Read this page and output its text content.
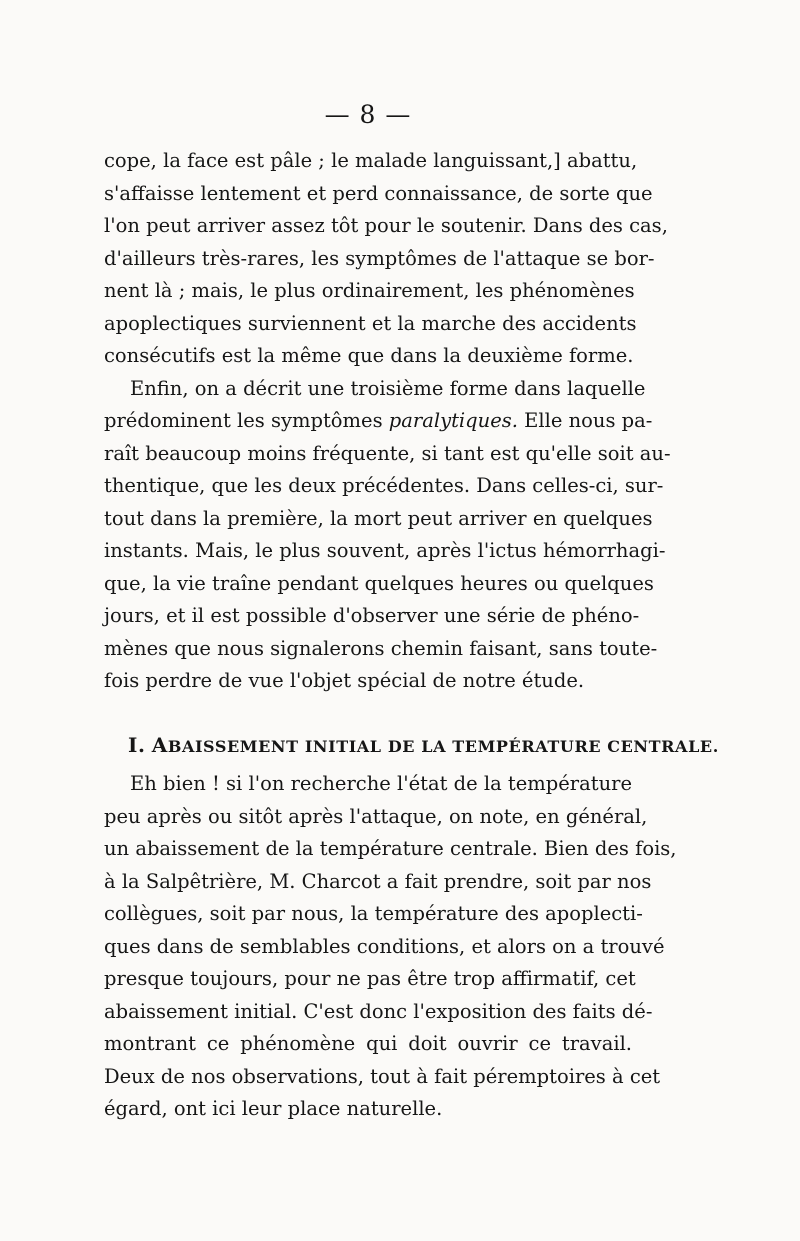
— 8 —
cope, la face est pâle ; le malade languissant,] abattu,
s'affaisse lentement et perd connaissance, de sorte que
l'on peut arriver assez tôt pour le soutenir. Dans des cas,
d'ailleurs très-rares, les symptômes de l'attaque se bor-
nent là ; mais, le plus ordinairement, les phénomènes
apoplectiques surviennent et la marche des accidents
consécutifs est la même que dans la deuxième forme.
Enfin, on a décrit une troisième forme dans laquelle
prédominent les symptômes paralytiques. Elle nous pa-
raît beaucoup moins fréquente, si tant est qu'elle soit au-
thentique, que les deux précédentes. Dans celles-ci, sur-
tout dans la première, la mort peut arriver en quelques
instants. Mais, le plus souvent, après l'ictus hémorrhagi-
que, la vie traîne pendant quelques heures ou quelques
jours, et il est possible d'observer une série de phéno-
mènes que nous signalerons chemin faisant, sans toute-
fois perdre de vue l'objet spécial de notre étude.
I. ABAISSEMENT INITIAL DE LA TEMPÉRATURE CENTRALE.
Eh bien ! si l'on recherche l'état de la température
peu après ou sitôt après l'attaque, on note, en général,
un abaissement de la température centrale. Bien des fois,
à la Salpêtrière, M. Charcot a fait prendre, soit par nos
collègues, soit par nous, la température des apoplecti-
ques dans de semblables conditions, et alors on a trouvé
presque toujours, pour ne pas être trop affirmatif, cet
abaissement initial. C'est donc l'exposition des faits dé-
montrant ce phénomène qui doit ouvrir ce travail.
Deux de nos observations, tout à fait péremptoires à cet
égard, ont ici leur place naturelle.
